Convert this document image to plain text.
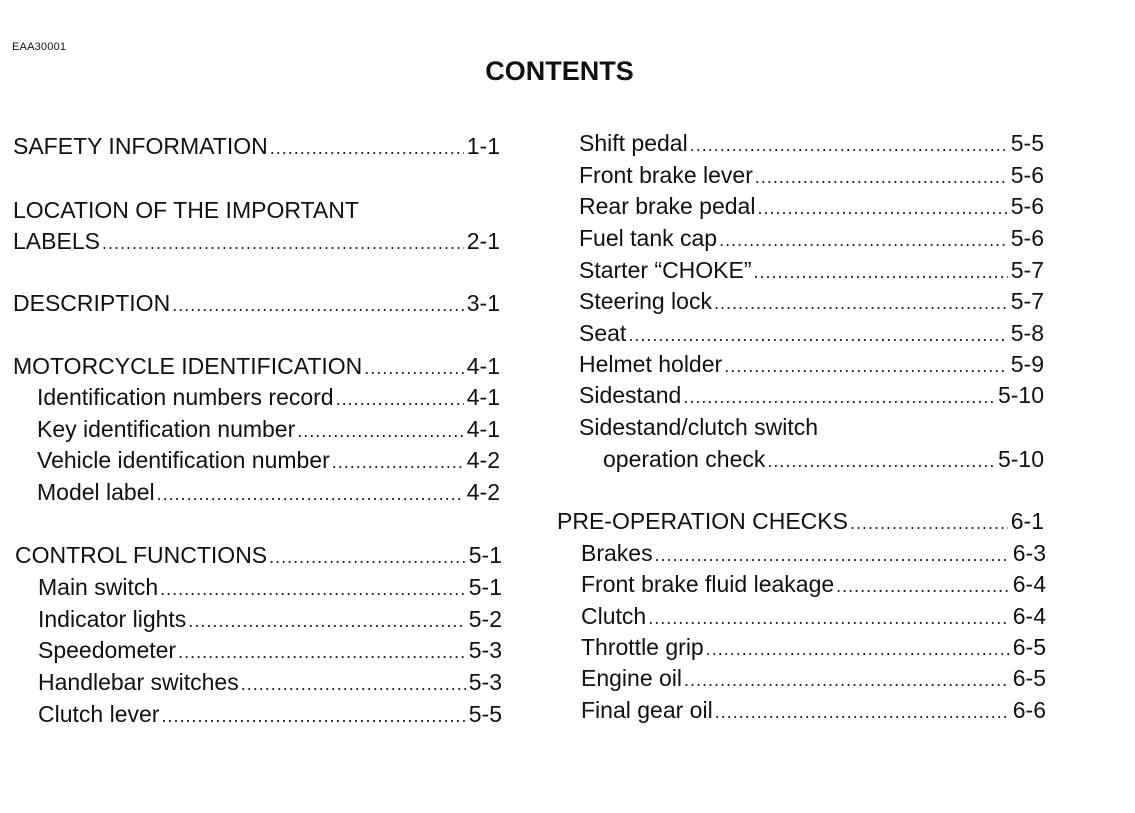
EAA30001
CONTENTS
SAFETY INFORMATION .....	1-1
LOCATION OF THE IMPORTANT
LABELS .....	2-1
DESCRIPTION .....	3-1
MOTORCYCLE IDENTIFICATION .....	4-1
Identification numbers record .....	4-1
Key identification number .....	4-1
Vehicle identification number .....	4-2
Model label .....	4-2
CONTROL FUNCTIONS .....	5-1
Main switch .....	5-1
Indicator lights .....	5-2
Speedometer .....	5-3
Handlebar switches .....	5-3
Clutch lever .....	5-5
Shift pedal .....	5-5
Front brake lever .....	5-6
Rear brake pedal .....	5-6
Fuel tank cap .....	5-6
Starter “CHOKE” .....	5-7
Steering lock .....	5-7
Seat .....	5-8
Helmet holder .....	5-9
Sidestand .....	5-10
Sidestand/clutch switch
operation check .....	5-10
PRE-OPERATION CHECKS .....	6-1
Brakes .....	6-3
Front brake fluid leakage .....	6-4
Clutch .....	6-4
Throttle grip .....	6-5
Engine oil .....	6-5
Final gear oil .....	6-6
